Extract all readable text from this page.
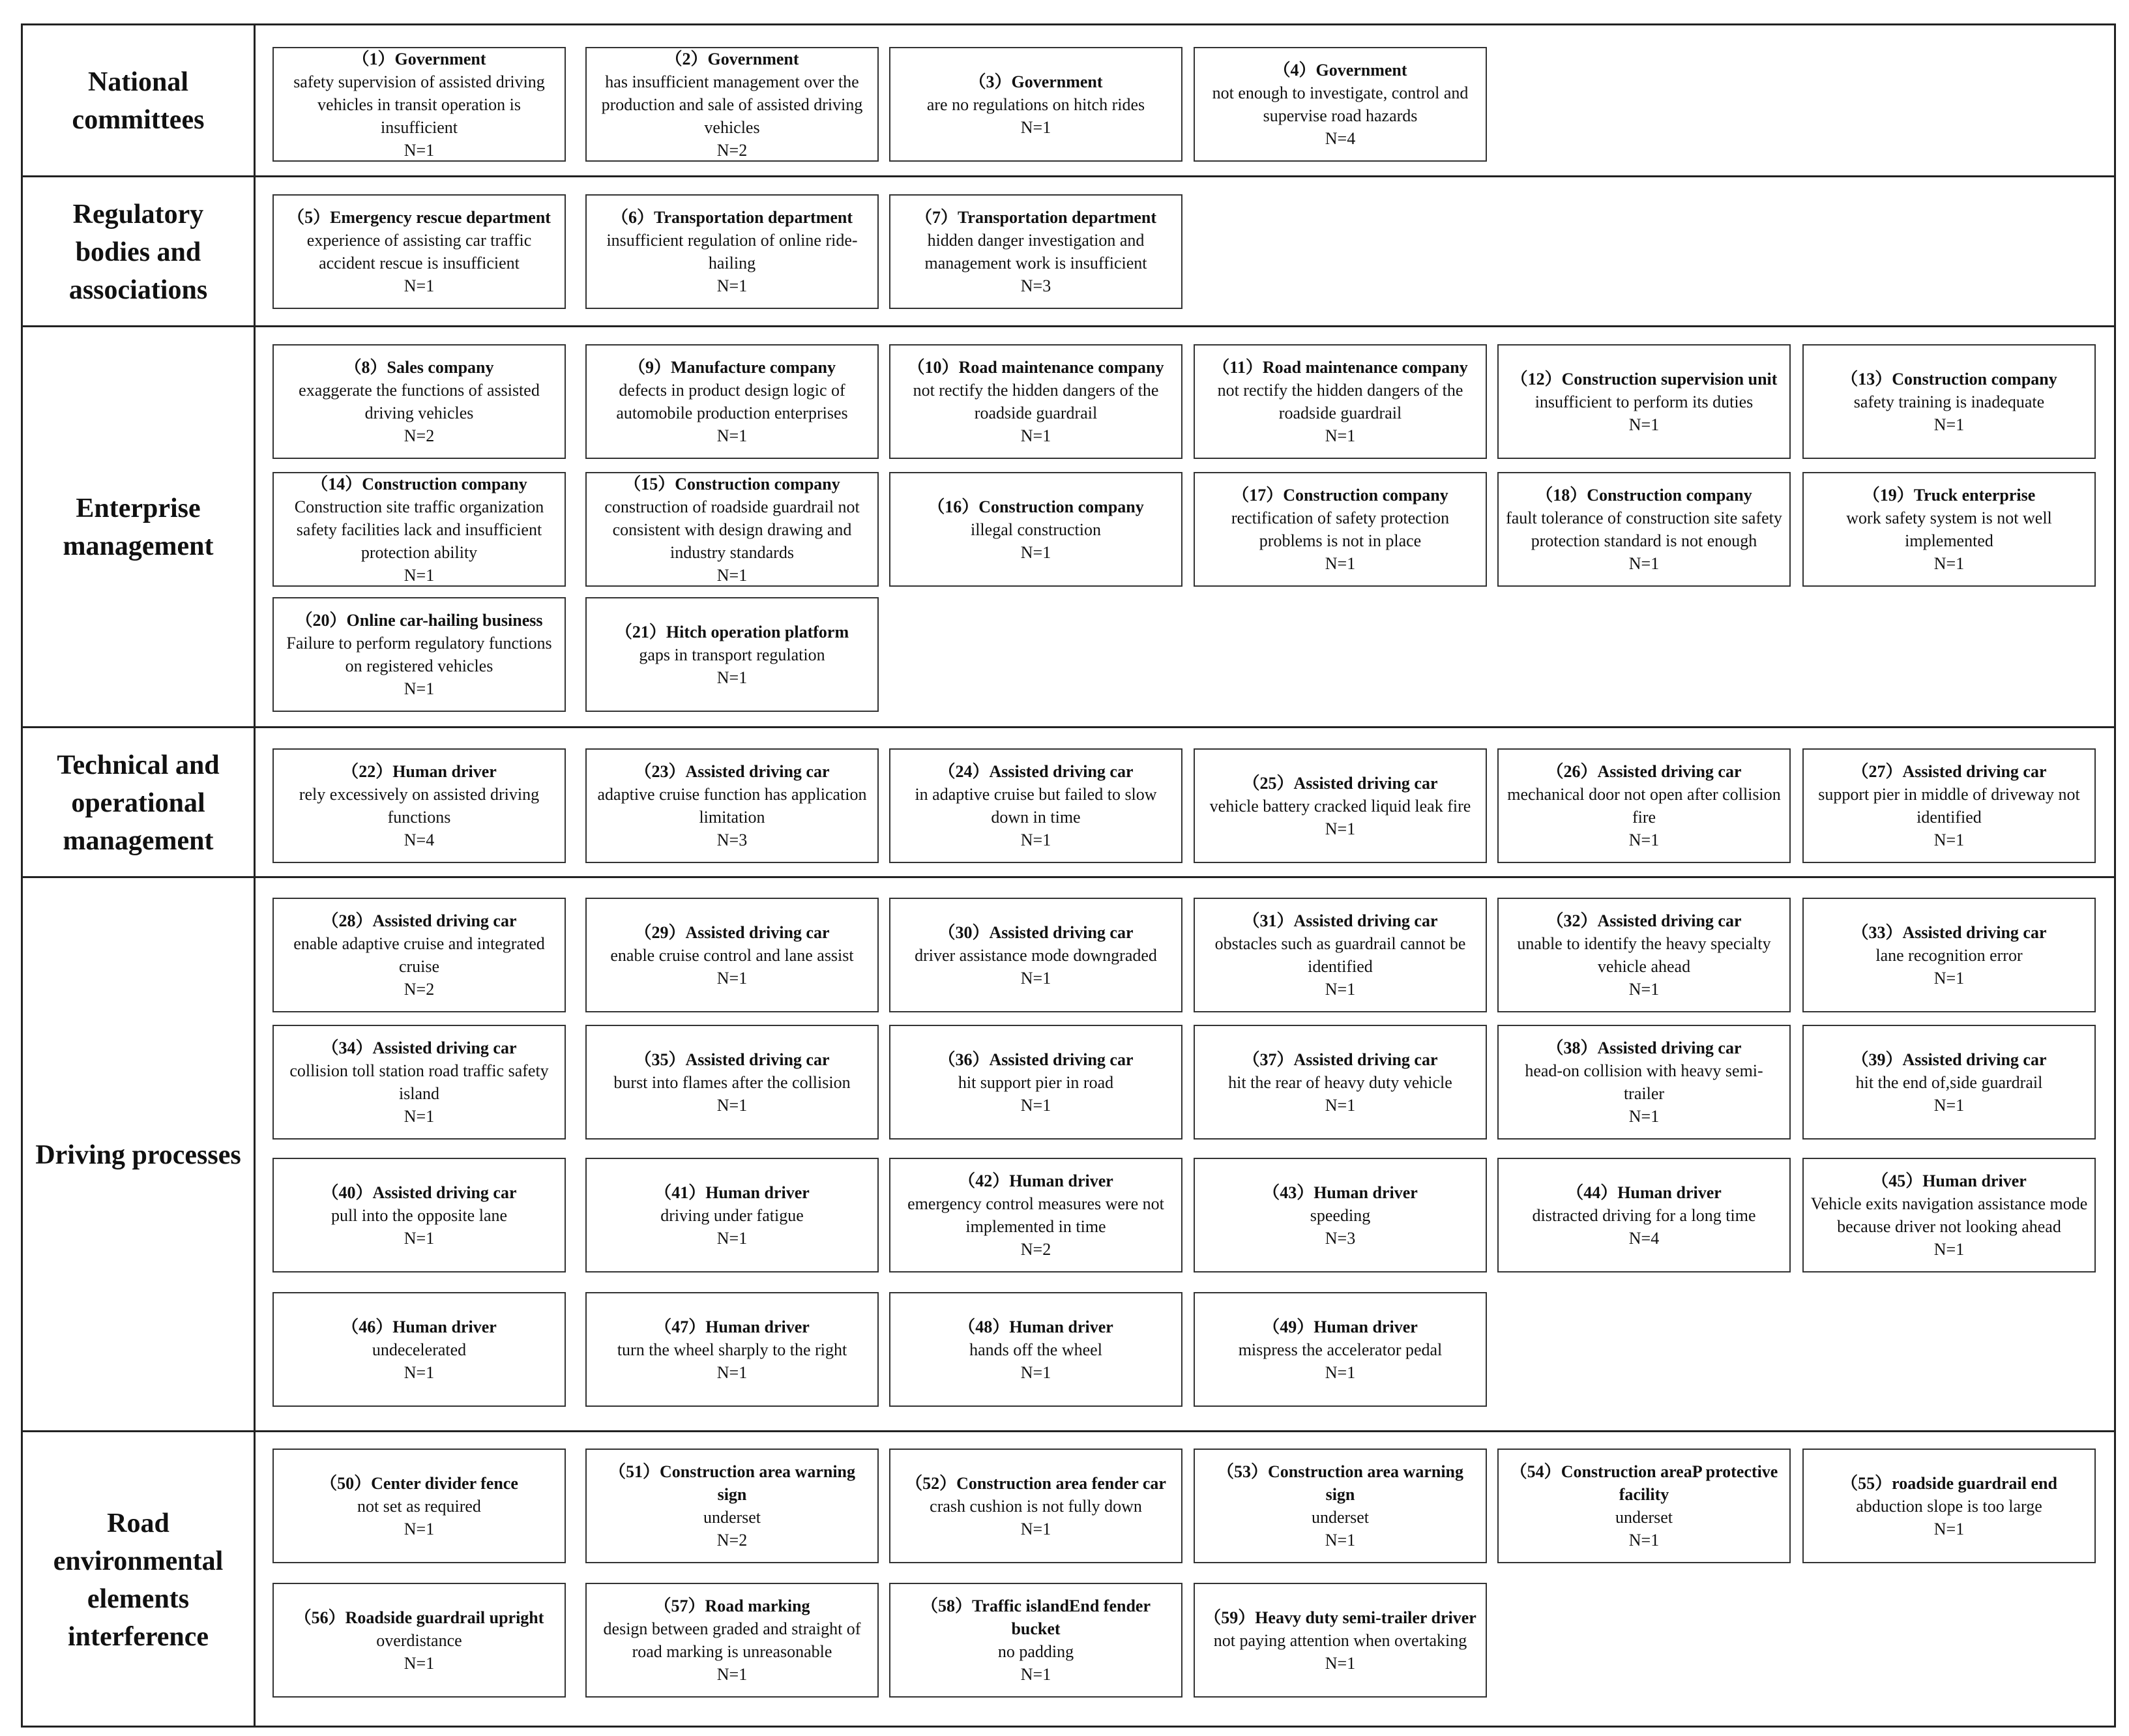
National
committees
Regulatory
bodies and
associations
Enterprise
management
Technical and
operational
management
Driving processes
Road
environmental
elements
interference
（1）Government
safety supervision of assisted driving vehicles in transit operation is insufficient
N=1
（2）Government
has insufficient management over the production and sale of assisted driving vehicles
N=2
（3）Government
are no regulations on hitch rides
N=1
（4）Government
not enough to investigate, control and supervise road hazards
N=4
（5）Emergency rescue department
experience of assisting car traffic accident rescue is insufficient
N=1
（6）Transportation department
insufficient regulation of online ride-hailing
N=1
（7）Transportation department
hidden danger investigation and management work is insufficient
N=3
（8）Sales company
exaggerate the functions of assisted driving vehicles
N=2
（9）Manufacture company
defects in product design logic of automobile production enterprises
N=1
（10）Road maintenance company
not rectify the hidden dangers of the roadside guardrail
N=1
（11）Road maintenance company
not rectify the hidden dangers of the roadside guardrail
N=1
（12）Construction supervision unit
insufficient to perform its duties
N=1
（13）Construction company
safety training is inadequate
N=1
（14）Construction company
Construction site traffic organization safety facilities lack and insufficient protection ability
N=1
（15）Construction company
construction of roadside guardrail not consistent with design drawing and industry standards
N=1
（16）Construction company
illegal construction
N=1
（17）Construction company
rectification of safety protection problems is not in place
N=1
（18）Construction company
fault tolerance of construction site safety protection standard is not enough
N=1
（19）Truck enterprise
work safety system is not well implemented
N=1
（20）Online car-hailing business
Failure to perform regulatory functions on registered vehicles
N=1
（21）Hitch operation platform
gaps in transport regulation
N=1
（22）Human driver
rely excessively on assisted driving functions
N=4
（23）Assisted driving car
adaptive cruise function has application limitation
N=3
（24）Assisted driving car
in adaptive cruise but failed to slow down in time
N=1
（25）Assisted driving car
vehicle battery cracked liquid leak fire
N=1
（26）Assisted driving car
mechanical door not open after collision fire
N=1
（27）Assisted driving car
support pier in middle of driveway not identified
N=1
（28）Assisted driving car
enable adaptive cruise and integrated cruise
N=2
（29）Assisted driving car
enable cruise control and lane assist
N=1
（30）Assisted driving car
driver assistance mode downgraded
N=1
（31）Assisted driving car
obstacles such as guardrail cannot be identified
N=1
（32）Assisted driving car
unable to identify the heavy specialty vehicle ahead
N=1
（33）Assisted driving car
lane recognition error
N=1
（34）Assisted driving car
collision toll station road traffic safety island
N=1
（35）Assisted driving car
burst into flames after the collision
N=1
（36）Assisted driving car
hit support pier in road
N=1
（37）Assisted driving car
hit the rear of heavy duty vehicle
N=1
（38）Assisted driving car
head-on collision with heavy semi-trailer
N=1
（39）Assisted driving car
hit the end of,side guardrail
N=1
（40）Assisted driving car
pull into the opposite lane
N=1
（41）Human driver
driving under fatigue
N=1
（42）Human driver
emergency control measures were not implemented in time
N=2
（43）Human driver
speeding
N=3
（44）Human driver
distracted driving for a long time
N=4
（45）Human driver
Vehicle exits navigation assistance mode because driver not looking ahead
N=1
（46）Human driver
undecelerated
N=1
（47）Human driver
turn the wheel sharply to the right
N=1
（48）Human driver
hands off the wheel
N=1
（49）Human driver
mispress the accelerator pedal
N=1
（50）Center divider fence
not set as required
N=1
（51）Construction area warning sign
underset
N=2
（52）Construction area fender car
crash cushion is not fully down
N=1
（53）Construction area warning sign
underset
N=1
（54）Construction areaP protective facility
underset
N=1
（55）roadside guardrail end
abduction slope is too large
N=1
（56）Roadside guardrail upright
overdistance
N=1
（57）Road marking
design between graded and straight of road marking is unreasonable
N=1
（58）Traffic islandEnd fender bucket
no padding
N=1
（59）Heavy duty semi-trailer driver
not paying attention when overtaking
N=1
